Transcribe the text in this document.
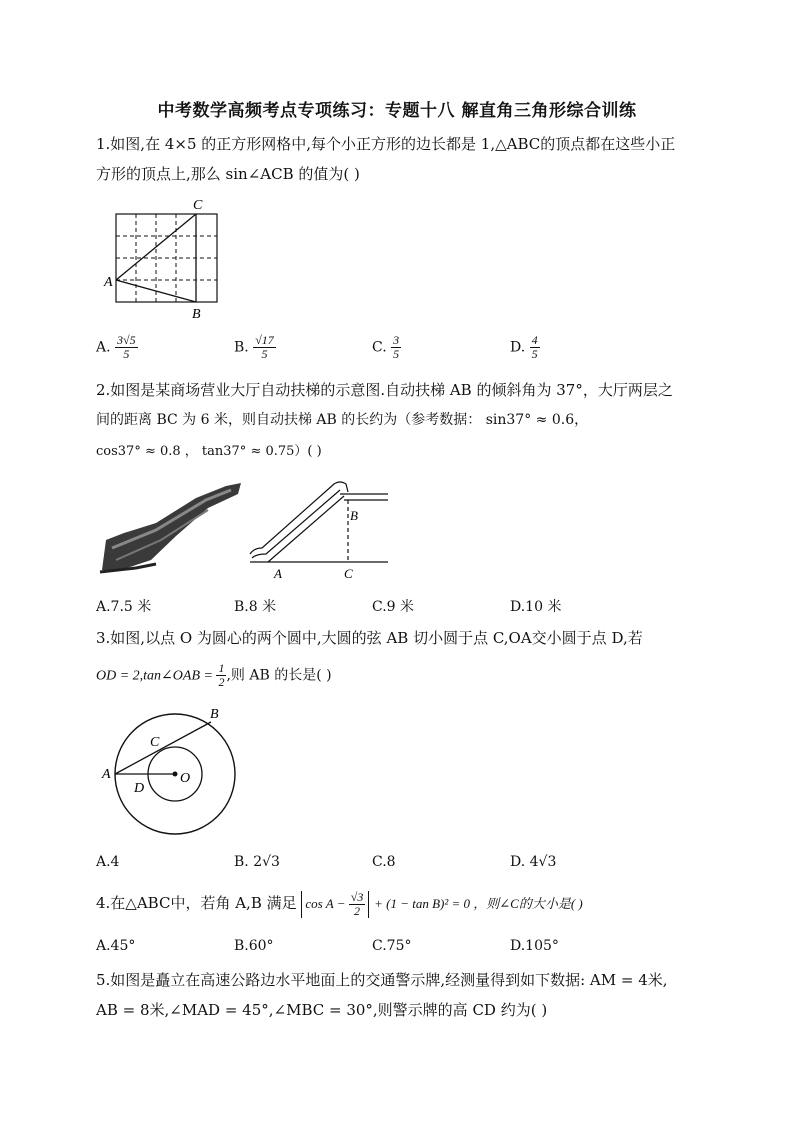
中考数学高频考点专项练习：专题十八 解直角三角形综合训练
1.如图,在 4×5 的正方形网格中,每个小正方形的边长都是 1,△ABC的顶点都在这些小正
方形的顶点上,那么 sin∠ACB 的值为( )
A
B
C
A. $\frac{3√5}{5}$	B. $\frac{√17}{5}$	C. $\frac{3}{5}$	D. $\frac{4}{5}$
2.如图是某商场营业大厅自动扶梯的示意图.自动扶梯 AB 的倾斜角为 37°，大厅两层之
间的距离 BC 为 6 米，则自动扶梯 AB 的长约为（参考数据： sin37° ≈ 0.6，
cos37° ≈ 0.8 ， tan37° ≈ 0.75）( )
A
B
C
A.7.5 米	B.8 米	C.9 米	D.10 米
3.如图,以点 O 为圆心的两个圆中,大圆的弦 AB 切小圆于点 C,OA交小圆于点 D,若
OD = 2,tan∠OAB = $\frac{1}{2}$ ,则 AB 的长是( )
A
B
C
D
O
A.4	B. 2√3	C.8	D. 4√3
4.在△ABC中，若角 A,B 满足 $\cos A - \frac{√3}{2} + (1 - \tan B)^2 = 0$ ，则∠C的大小是( )
A.45°	B.60°	C.75°	D.105°
5.如图是矗立在高速公路边水平地面上的交通警示牌,经测量得到如下数据: AM = 4米,
AB = 8米,∠MAD = 45°,∠MBC = 30°,则警示牌的高 CD 约为( )
